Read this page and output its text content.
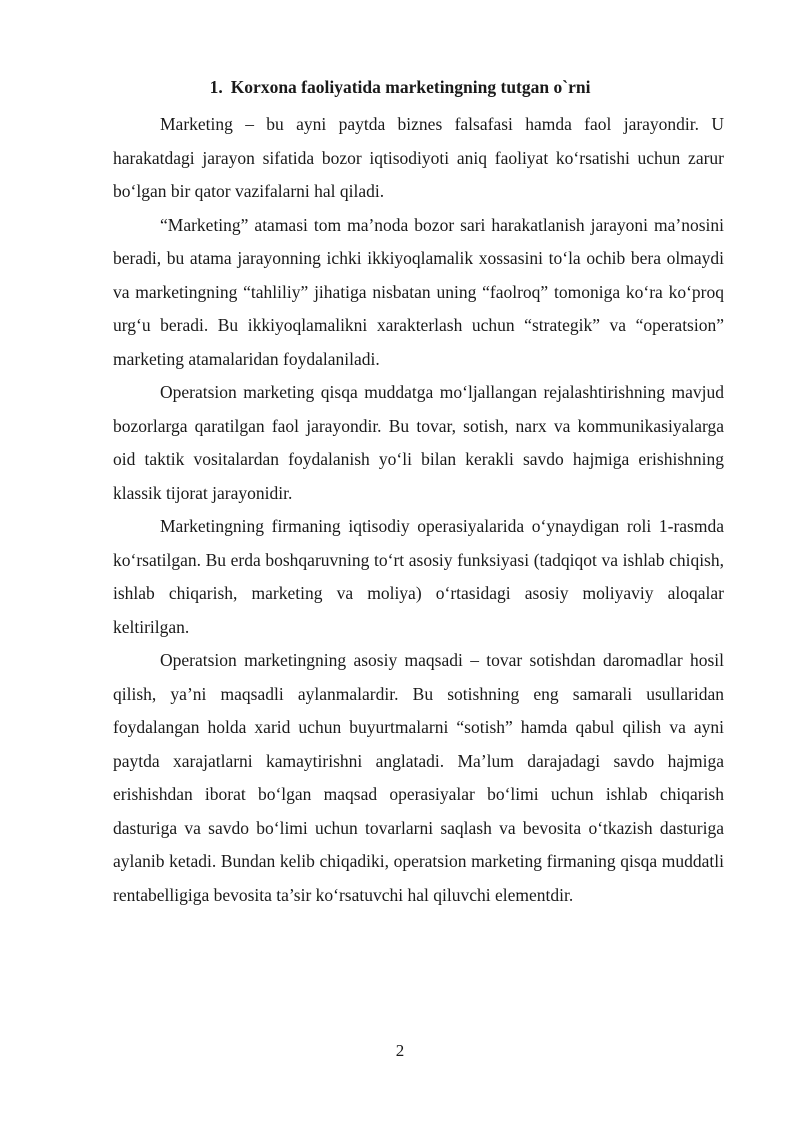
1. Korxona faoliyatida marketingning tutgan o`rni

Marketing – bu ayni paytda biznes falsafasi hamda faol jarayondir. U harakatdagi jarayon sifatida bozor iqtisodiyoti aniq faoliyat ko‘rsatishi uchun zarur bo‘lgan bir qator vazifalarni hal qiladi.

“Marketing” atamasi tom ma’noda bozor sari harakatlanish jarayoni ma’nosini beradi, bu atama jarayonning ichki ikkiyoqlamalik xossasini to‘la ochib bera olmaydi va marketingning “tahliliy” jihatiga nisbatan uning “faolroq” tomoniga ko‘ra ko‘proq urg‘u beradi. Bu ikkiyoqlamalikni xarakterlash uchun “strategik” va “operatsion” marketing atamalaridan foydalaniladi.

Operatsion marketing qisqa muddatga mo‘ljallangan rejalashtirishning mavjud bozorlarga qaratilgan faol jarayondir. Bu tovar, sotish, narx va kommunikasiyalarga oid taktik vositalardan foydalanish yo‘li bilan kerakli savdo hajmiga erishishning klassik tijorat jarayonidir.

Marketingning firmaning iqtisodiy operasiyalarida o‘ynaydigan roli 1-rasmda ko‘rsatilgan. Bu erda boshqaruvning to‘rt asosiy funksiyasi (tadqiqot va ishlab chiqish, ishlab chiqarish, marketing va moliya) o‘rtasidagi asosiy moliyaviy aloqalar keltirilgan.

Operatsion marketingning asosiy maqsadi – tovar sotishdan daromadlar hosil qilish, ya’ni maqsadli aylanmalardir. Bu sotishning eng samarali usullaridan foydalangan holda xarid uchun buyurtmalarni “sotish” hamda qabul qilish va ayni paytda xarajatlarni kamaytirishni anglatadi. Ma’lum darajadagi savdo hajmiga erishishdan iborat bo‘lgan maqsad operasiyalar bo‘limi uchun ishlab chiqarish dasturiga va savdo bo‘limi uchun tovarlarni saqlash va bevosita o‘tkazish dasturiga aylanib ketadi. Bundan kelib chiqadiki, operatsion marketing firmaning qisqa muddatli rentabelligiga bevosita ta’sir ko‘rsatuvchi hal qiluvchi elementdir.

2
